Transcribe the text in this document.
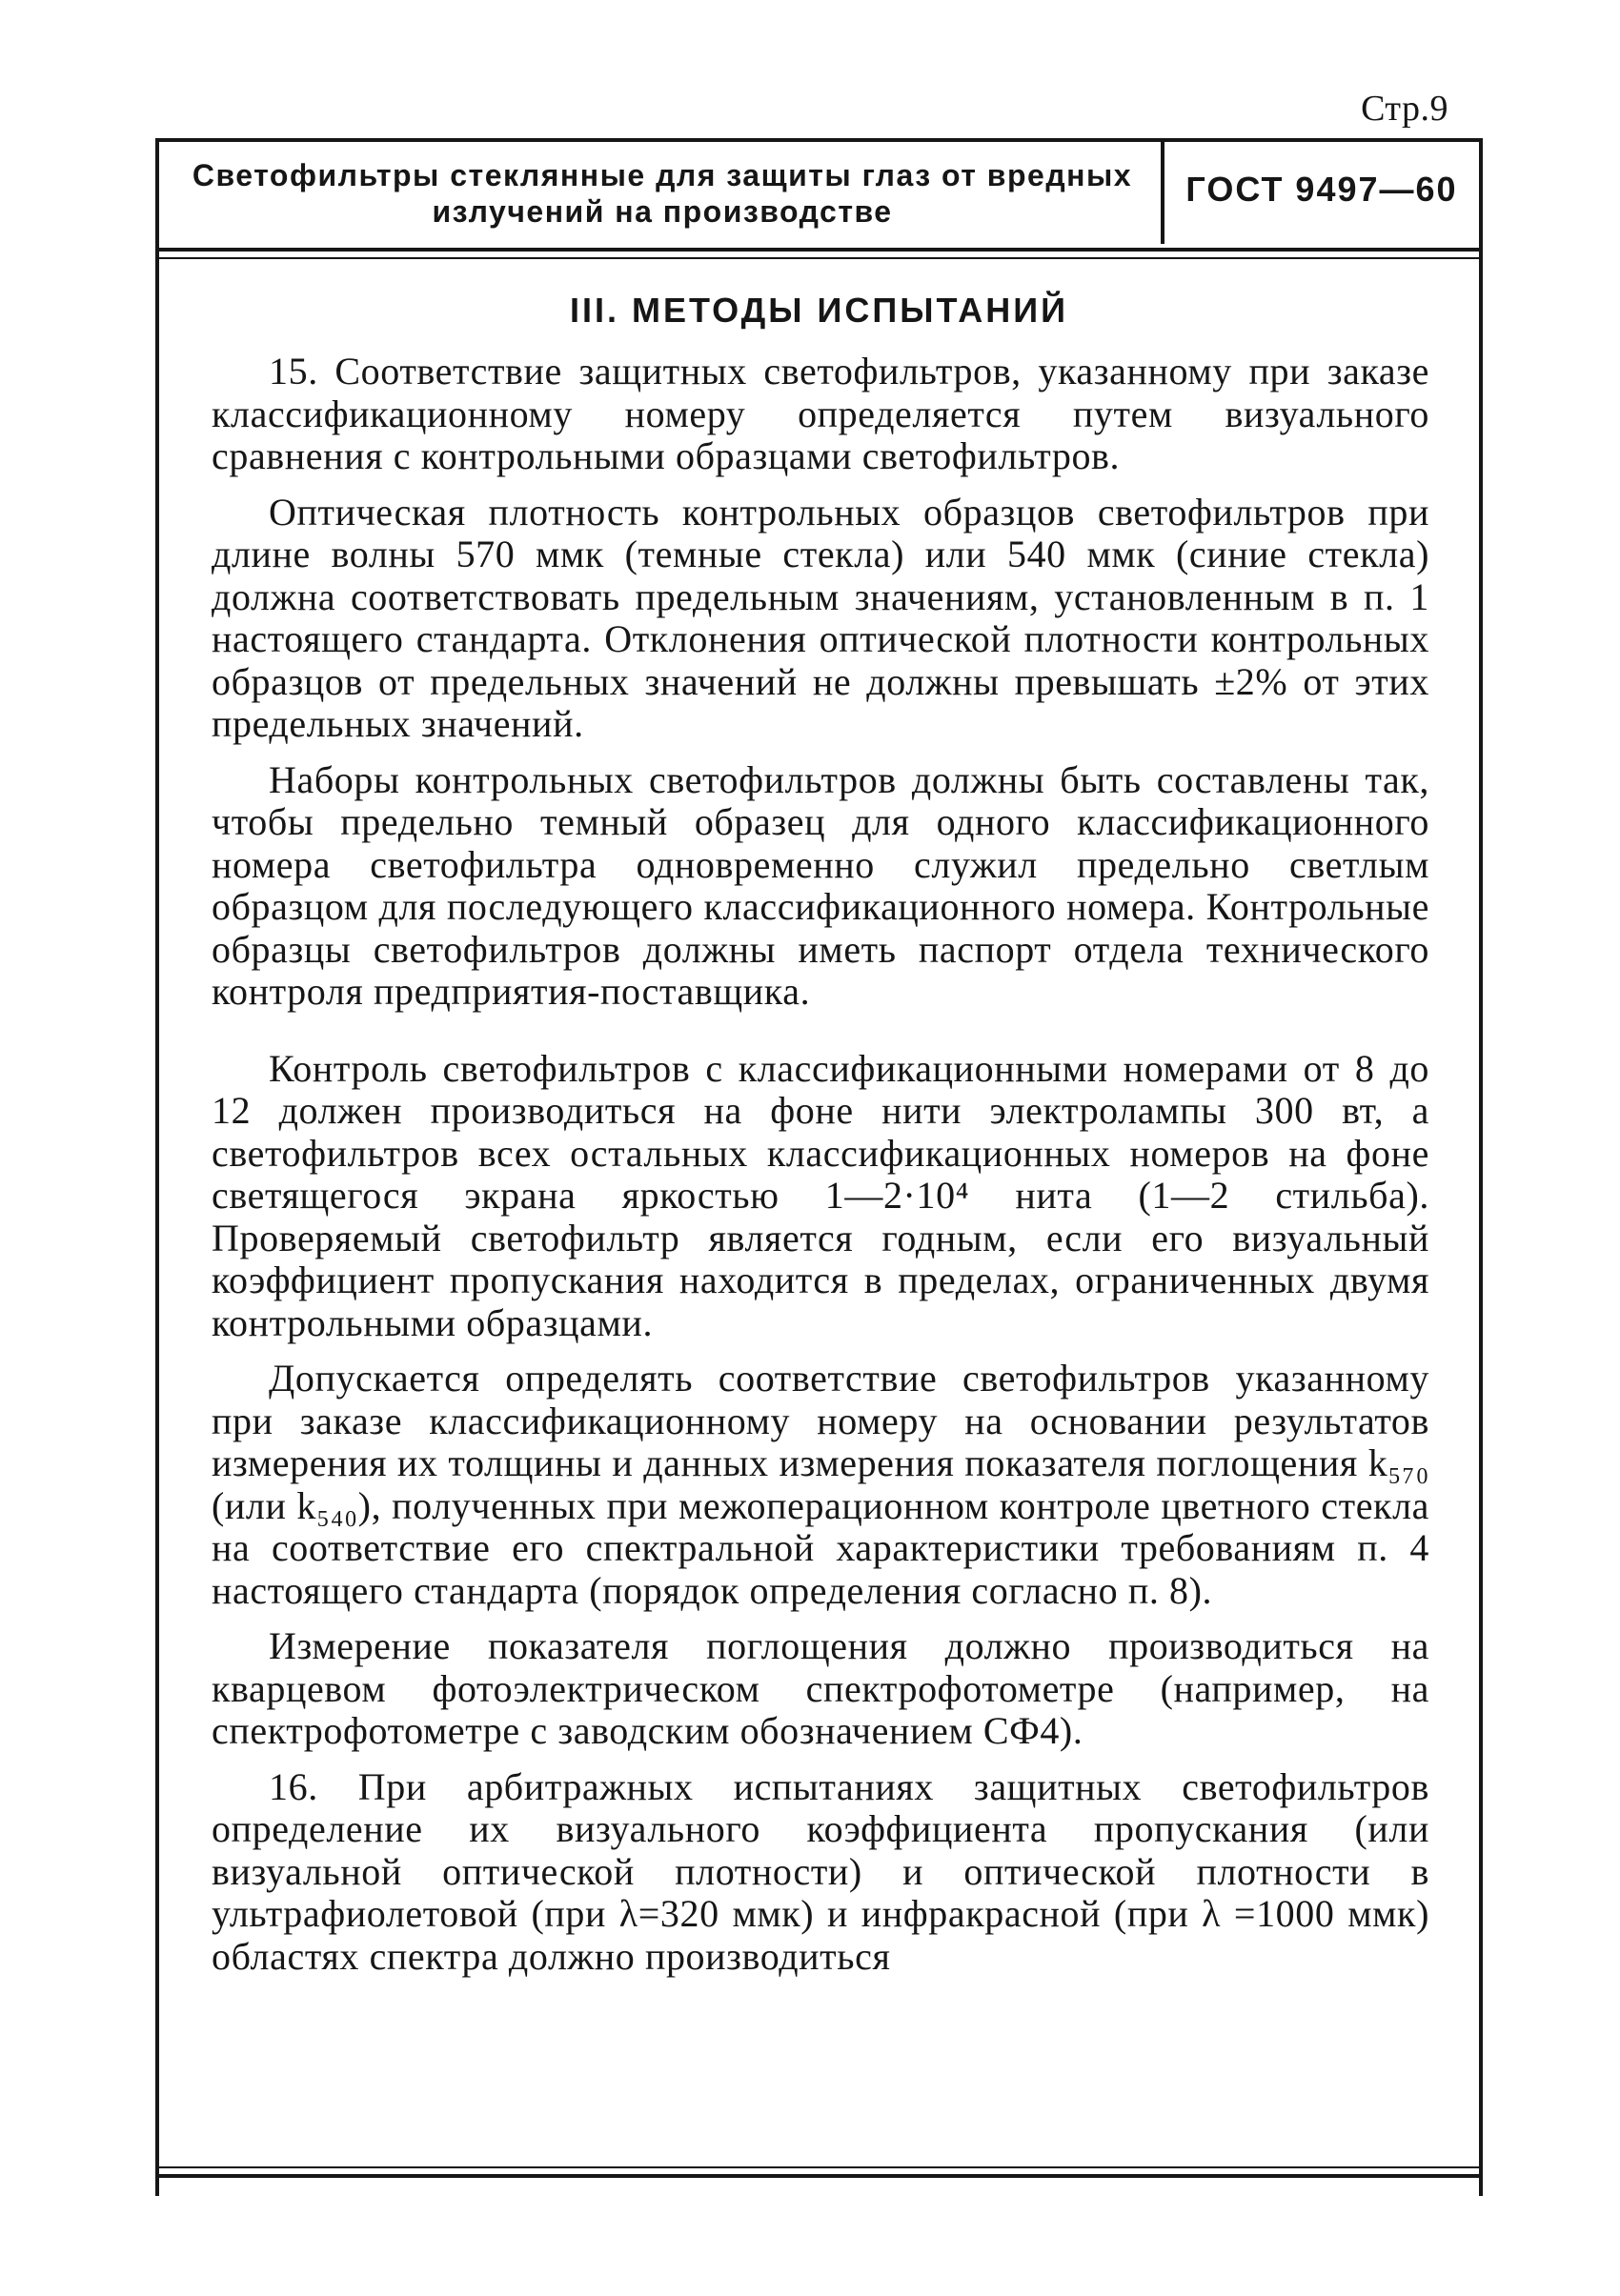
Стр.9
Светофильтры стеклянные для защиты глаз от вредных излучений на производстве
ГОСТ 9497—60
III. МЕТОДЫ ИСПЫТАНИЙ

15. Соответствие защитных светофильтров, указанному при заказе классификационному номеру определяется путем визуального сравнения с контрольными образцами светофильтров.

Оптическая плотность контрольных образцов светофильтров при длине волны 570 ммк (темные стекла) или 540 ммк (синие стекла) должна соответствовать предельным значениям, установленным в п. 1 настоящего стандарта. Отклонения оптической плотности контрольных образцов от предельных значений не должны превышать ±2% от этих предельных значений.

Наборы контрольных светофильтров должны быть составлены так, чтобы предельно темный образец для одного классификационного номера светофильтра одновременно служил предельно светлым образцом для последующего классификационного номера. Контрольные образцы светофильтров должны иметь паспорт отдела технического контроля предприятия-поставщика.

Контроль светофильтров с классификационными номерами от 8 до 12 должен производиться на фоне нити электролампы 300 вт, а светофильтров всех остальных классификационных номеров на фоне светящегося экрана яркостью 1—2·10⁴ нита (1—2 стильба). Проверяемый светофильтр является годным, если его визуальный коэффициент пропускания находится в пределах, ограниченных двумя контрольными образцами.

Допускается определять соответствие светофильтров указанному при заказе классификационному номеру на основании результатов измерения их толщины и данных измерения показателя поглощения k₅₇₀ (или k₅₄₀), полученных при межоперационном контроле цветного стекла на соответствие его спектральной характеристики требованиям п. 4 настоящего стандарта (порядок определения согласно п. 8).

Измерение показателя поглощения должно производиться на кварцевом фотоэлектрическом спектрофотометре (например, на спектрофотометре с заводским обозначением СФ4).

16. При арбитражных испытаниях защитных светофильтров определение их визуального коэффициента пропускания (или визуальной оптической плотности) и оптической плотности в ультрафиолетовой (при λ=320 ммк) и инфракрасной (при λ =1000 ммк) областях спектра должно производиться
